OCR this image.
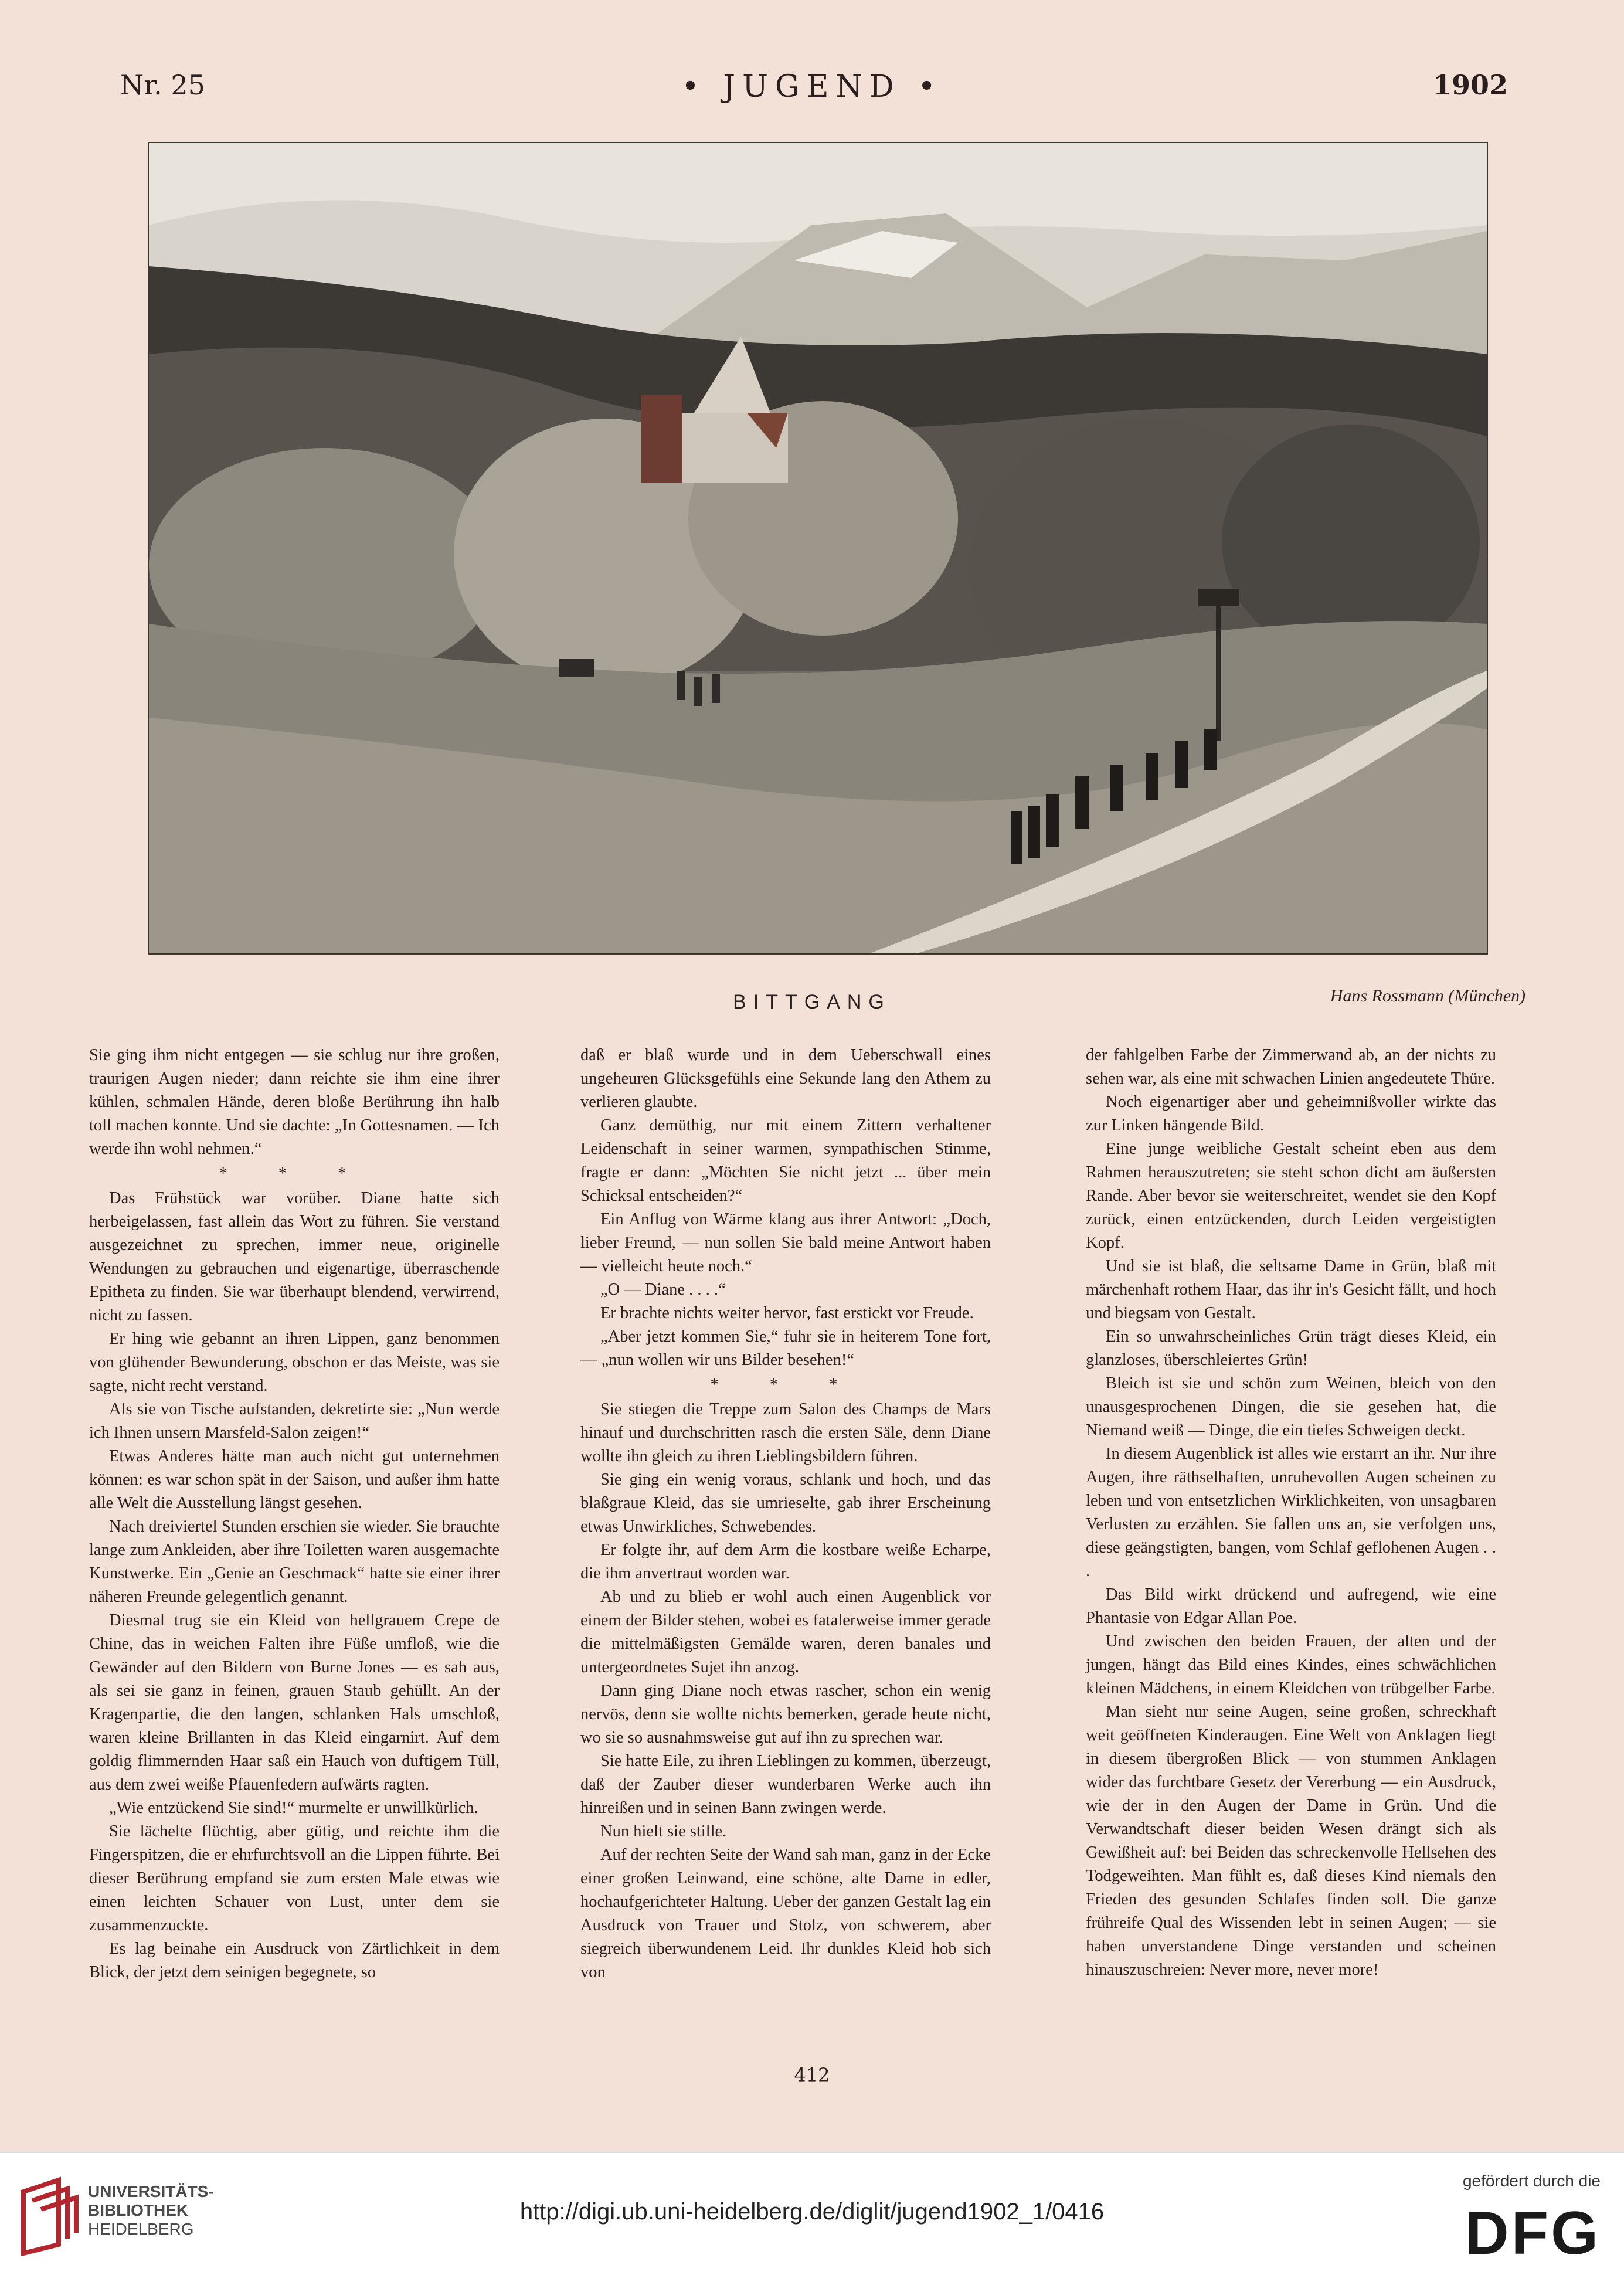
Nr. 25	• JUGEND •	1902
BITTGANG	Hans Rossmann (München)

Sie ging ihm nicht entgegen — sie schlug nur ihre großen, traurigen Augen nieder; dann reichte sie ihm eine ihrer kühlen, schmalen Hände, deren bloße Berührung ihn halb toll machen konnte. Und sie dachte: „In Gottesnamen. — Ich werde ihn wohl nehmen.“

* * *

Das Frühstück war vorüber. Diane hatte sich herbeigelassen, fast allein das Wort zu führen. Sie verstand ausgezeichnet zu sprechen, immer neue, originelle Wendungen zu gebrauchen und eigenartige, überraschende Epitheta zu finden. Sie war überhaupt blendend, verwirrend, nicht zu fassen.

Er hing wie gebannt an ihren Lippen, ganz benommen von glühender Bewunderung, obschon er das Meiste, was sie sagte, nicht recht verstand.

Als sie von Tische aufstanden, dekretirte sie: „Nun werde ich Ihnen unsern Marsfeld-Salon zeigen!“

Etwas Anderes hätte man auch nicht gut unternehmen können: es war schon spät in der Saison, und außer ihm hatte alle Welt die Ausstellung längst gesehen.

Nach dreiviertel Stunden erschien sie wieder. Sie brauchte lange zum Ankleiden, aber ihre Toiletten waren ausgemachte Kunstwerke. Ein „Genie an Geschmack“ hatte sie einer ihrer näheren Freunde gelegentlich genannt.

Diesmal trug sie ein Kleid von hellgrauem Crepe de Chine, das in weichen Falten ihre Füße umfloß, wie die Gewänder auf den Bildern von Burne Jones — es sah aus, als sei sie ganz in feinen, grauen Staub gehüllt. An der Kragenpartie, die den langen, schlanken Hals umschloß, waren kleine Brillanten in das Kleid eingarnirt. Auf dem goldig flimmernden Haar saß ein Hauch von duftigem Tüll, aus dem zwei weiße Pfauenfedern aufwärts ragten.

„Wie entzückend Sie sind!“ murmelte er unwillkürlich.

Sie lächelte flüchtig, aber gütig, und reichte ihm die Fingerspitzen, die er ehrfurchtsvoll an die Lippen führte. Bei dieser Berührung empfand sie zum ersten Male etwas wie einen leichten Schauer von Lust, unter dem sie zusammenzuckte.

Es lag beinahe ein Ausdruck von Zärtlichkeit in dem Blick, der jetzt dem seinigen begegnete, so

daß er blaß wurde und in dem Ueberschwall eines ungeheuren Glücksgefühls eine Sekunde lang den Athem zu verlieren glaubte.

Ganz demüthig, nur mit einem Zittern verhaltener Leidenschaft in seiner warmen, sympathischen Stimme, fragte er dann: „Möchten Sie nicht jetzt ... über mein Schicksal entscheiden?“

Ein Anflug von Wärme klang aus ihrer Antwort: „Doch, lieber Freund, — nun sollen Sie bald meine Antwort haben — vielleicht heute noch.“

„O — Diane . . . .“

Er brachte nichts weiter hervor, fast erstickt vor Freude.

„Aber jetzt kommen Sie,“ fuhr sie in heiterem Tone fort, — „nun wollen wir uns Bilder besehen!“

* * *

Sie stiegen die Treppe zum Salon des Champs de Mars hinauf und durchschritten rasch die ersten Säle, denn Diane wollte ihn gleich zu ihren Lieblingsbildern führen.

Sie ging ein wenig voraus, schlank und hoch, und das blaßgraue Kleid, das sie umrieselte, gab ihrer Erscheinung etwas Unwirkliches, Schwebendes.

Er folgte ihr, auf dem Arm die kostbare weiße Echarpe, die ihm anvertraut worden war.

Ab und zu blieb er wohl auch einen Augenblick vor einem der Bilder stehen, wobei es fatalerweise immer gerade die mittelmäßigsten Gemälde waren, deren banales und untergeordnetes Sujet ihn anzog.

Dann ging Diane noch etwas rascher, schon ein wenig nervös, denn sie wollte nichts bemerken, gerade heute nicht, wo sie so ausnahmsweise gut auf ihn zu sprechen war.

Sie hatte Eile, zu ihren Lieblingen zu kommen, überzeugt, daß der Zauber dieser wunderbaren Werke auch ihn hinreißen und in seinen Bann zwingen werde.

Nun hielt sie stille.

Auf der rechten Seite der Wand sah man, ganz in der Ecke einer großen Leinwand, eine schöne, alte Dame in edler, hochaufgerichteter Haltung. Ueber der ganzen Gestalt lag ein Ausdruck von Trauer und Stolz, von schwerem, aber siegreich überwundenem Leid. Ihr dunkles Kleid hob sich von

der fahlgelben Farbe der Zimmerwand ab, an der nichts zu sehen war, als eine mit schwachen Linien angedeutete Thüre.

Noch eigenartiger aber und geheimnißvoller wirkte das zur Linken hängende Bild.

Eine junge weibliche Gestalt scheint eben aus dem Rahmen herauszutreten; sie steht schon dicht am äußersten Rande. Aber bevor sie weiterschreitet, wendet sie den Kopf zurück, einen entzückenden, durch Leiden vergeistigten Kopf.

Und sie ist blaß, die seltsame Dame in Grün, blaß mit märchenhaft rothem Haar, das ihr in's Gesicht fällt, und hoch und biegsam von Gestalt.

Ein so unwahrscheinliches Grün trägt dieses Kleid, ein glanzloses, überschleiertes Grün!

Bleich ist sie und schön zum Weinen, bleich von den unausgesprochenen Dingen, die sie gesehen hat, die Niemand weiß — Dinge, die ein tiefes Schweigen deckt.

In diesem Augenblick ist alles wie erstarrt an ihr. Nur ihre Augen, ihre räthselhaften, unruhevollen Augen scheinen zu leben und von entsetzlichen Wirklichkeiten, von unsagbaren Verlusten zu erzählen. Sie fallen uns an, sie verfolgen uns, diese geängstigten, bangen, vom Schlaf geflohenen Augen . . .

Das Bild wirkt drückend und aufregend, wie eine Phantasie von Edgar Allan Poe.

Und zwischen den beiden Frauen, der alten und der jungen, hängt das Bild eines Kindes, eines schwächlichen kleinen Mädchens, in einem Kleidchen von trübgelber Farbe.

Man sieht nur seine Augen, seine großen, schreckhaft weit geöffneten Kinderaugen. Eine Welt von Anklagen liegt in diesem übergroßen Blick — von stummen Anklagen wider das furchtbare Gesetz der Vererbung — ein Ausdruck, wie der in den Augen der Dame in Grün. Und die Verwandtschaft dieser beiden Wesen drängt sich als Gewißheit auf: bei Beiden das schreckenvolle Hellsehen des Todgeweihten. Man fühlt es, daß dieses Kind niemals den Frieden des gesunden Schlafes finden soll. Die ganze frühreife Qual des Wissenden lebt in seinen Augen; — sie haben unverstandene Dinge verstanden und scheinen hinauszuschreien: Never more, never more!

412
UNIVERSITÄTS-
BIBLIOTHEK
HEIDELBERG
http://digi.ub.uni-heidelberg.de/diglit/jugend1902_1/0416
gefördert durch die
DFG
